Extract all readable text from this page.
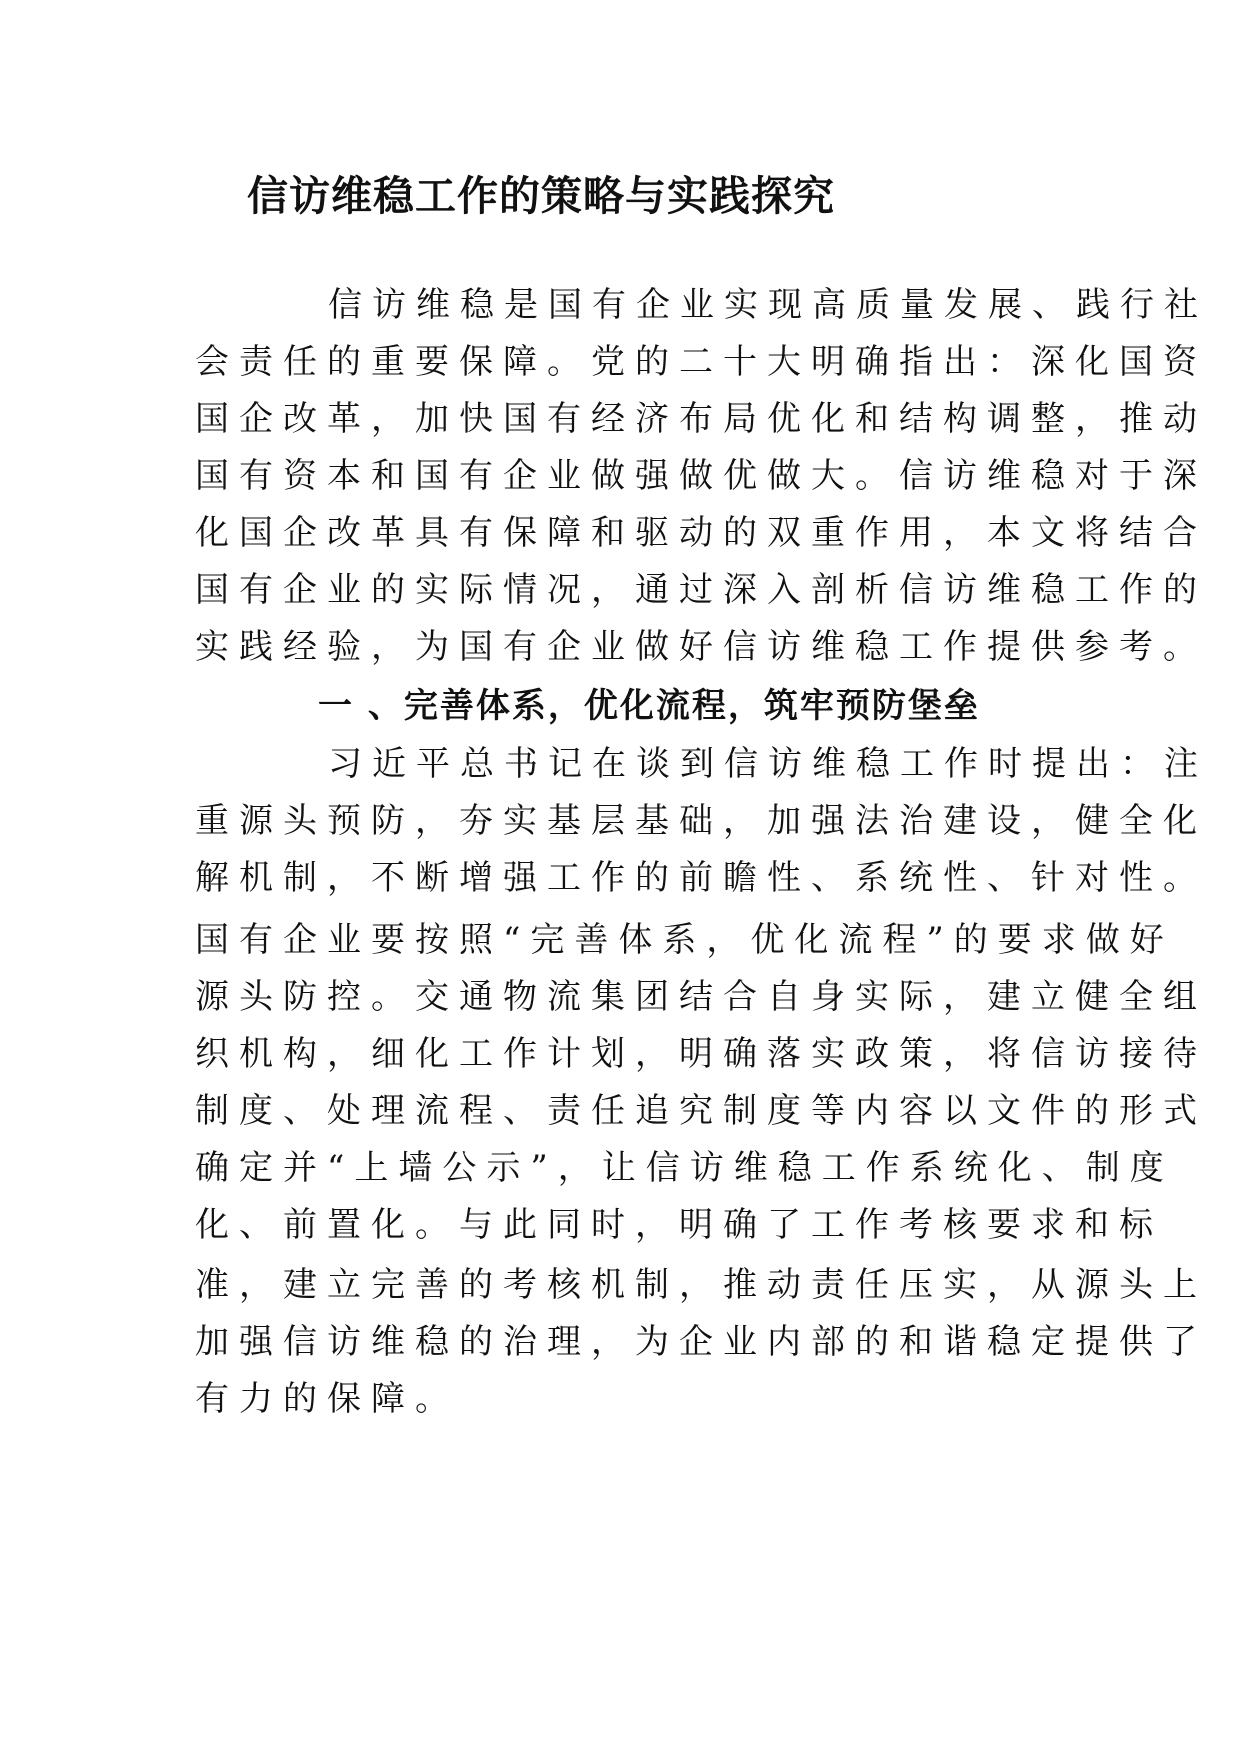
信访维稳工作的策略与实践探究

信访维稳是国有企业实现高质量发展、践行社

会责任的重要保障。党的二十大明确指出：深化国资

国企改革，加快国有经济布局优化和结构调整，推动

国有资本和国有企业做强做优做大。信访维稳对于深

化国企改革具有保障和驱动的双重作用，本文将结合

国有企业的实际情况，通过深入剖析信访维稳工作的

实践经验，为国有企业做好信访维稳工作提供参考。

一 、完善体系，优化流程，筑牢预防堡垒

习近平总书记在谈到信访维稳工作时提出：注

重源头预防，夯实基层基础，加强法治建设，健全化

解机制，不断增强工作的前瞻性、系统性、针对性。

国有企业要按照“完善体系，优化流程”的要求做好

源头防控。交通物流集团结合自身实际，建立健全组

织机构，细化工作计划，明确落实政策，将信访接待

制度、处理流程、责任追究制度等内容以文件的形式

确定并“上墙公示”，让信访维稳工作系统化、制度

化、前置化。与此同时，明确了工作考核要求和标

准，建立完善的考核机制，推动责任压实，从源头上

加强信访维稳的治理，为企业内部的和谐稳定提供了

有力的保障。
